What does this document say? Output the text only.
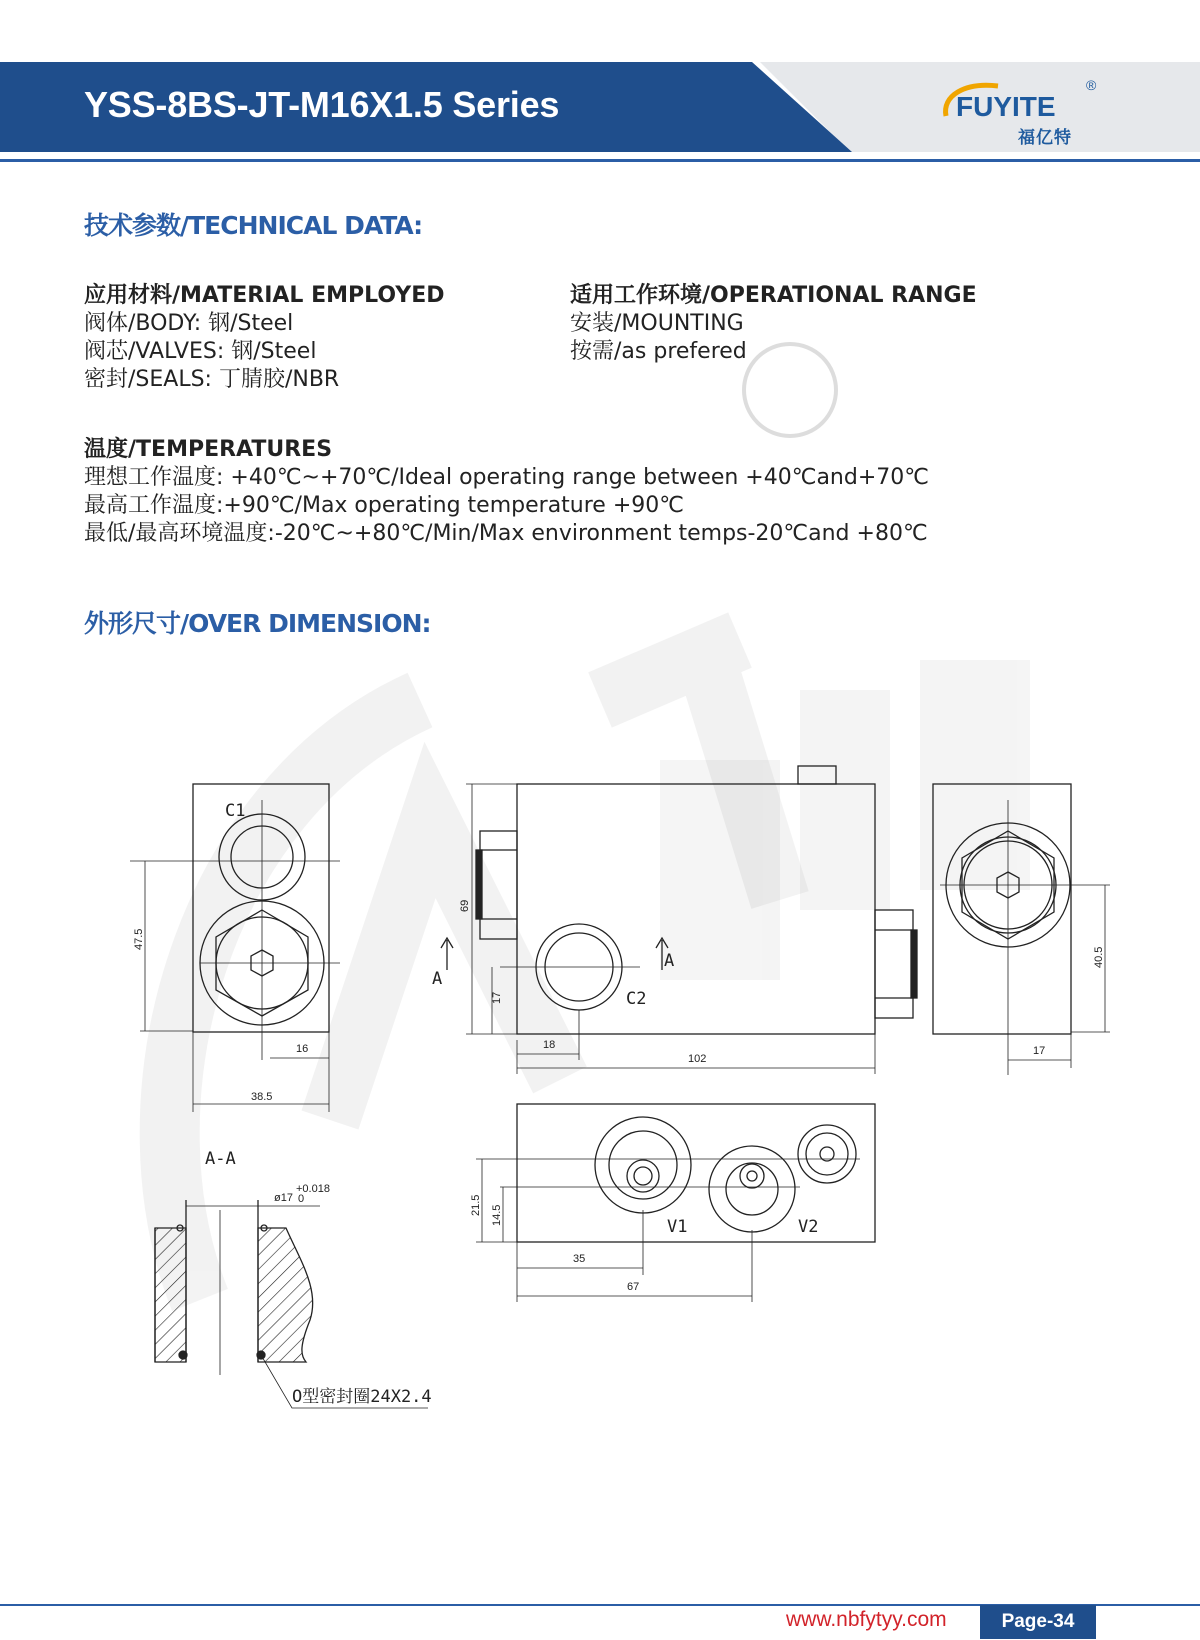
YSS-8BS-JT-M16X1.5 Series	FUYITE
®
福亿特
技术参数/TECHNICAL DATA:
应用材料/MATERIAL EMPLOYED
阀体/BODY: 钢/Steel
阀芯/VALVES: 钢/Steel
密封/SEALS: 丁腈胶/NBR
适用工作环境/OPERATIONAL RANGE
安装/MOUNTING
按需/as prefered
温度/TEMPERATURES
理想工作温度: +40℃~+70℃/Ideal operating range between +40℃and+70℃
最高工作温度:+90℃/Max operating temperature +90℃
最低/最高环境温度:-20℃~+80℃/Min/Max environment temps-20℃and +80℃
外形尺寸/OVER DIMENSION:
47.5
16
38.5
69
17
18
102
40.5
17
21.5 14.5
35
67
C1
C2
V1	V2
A
A
A-A
ø17
+0.018
0
O型密封圈24X2.4
www.nbfytyy.com	Page-34
